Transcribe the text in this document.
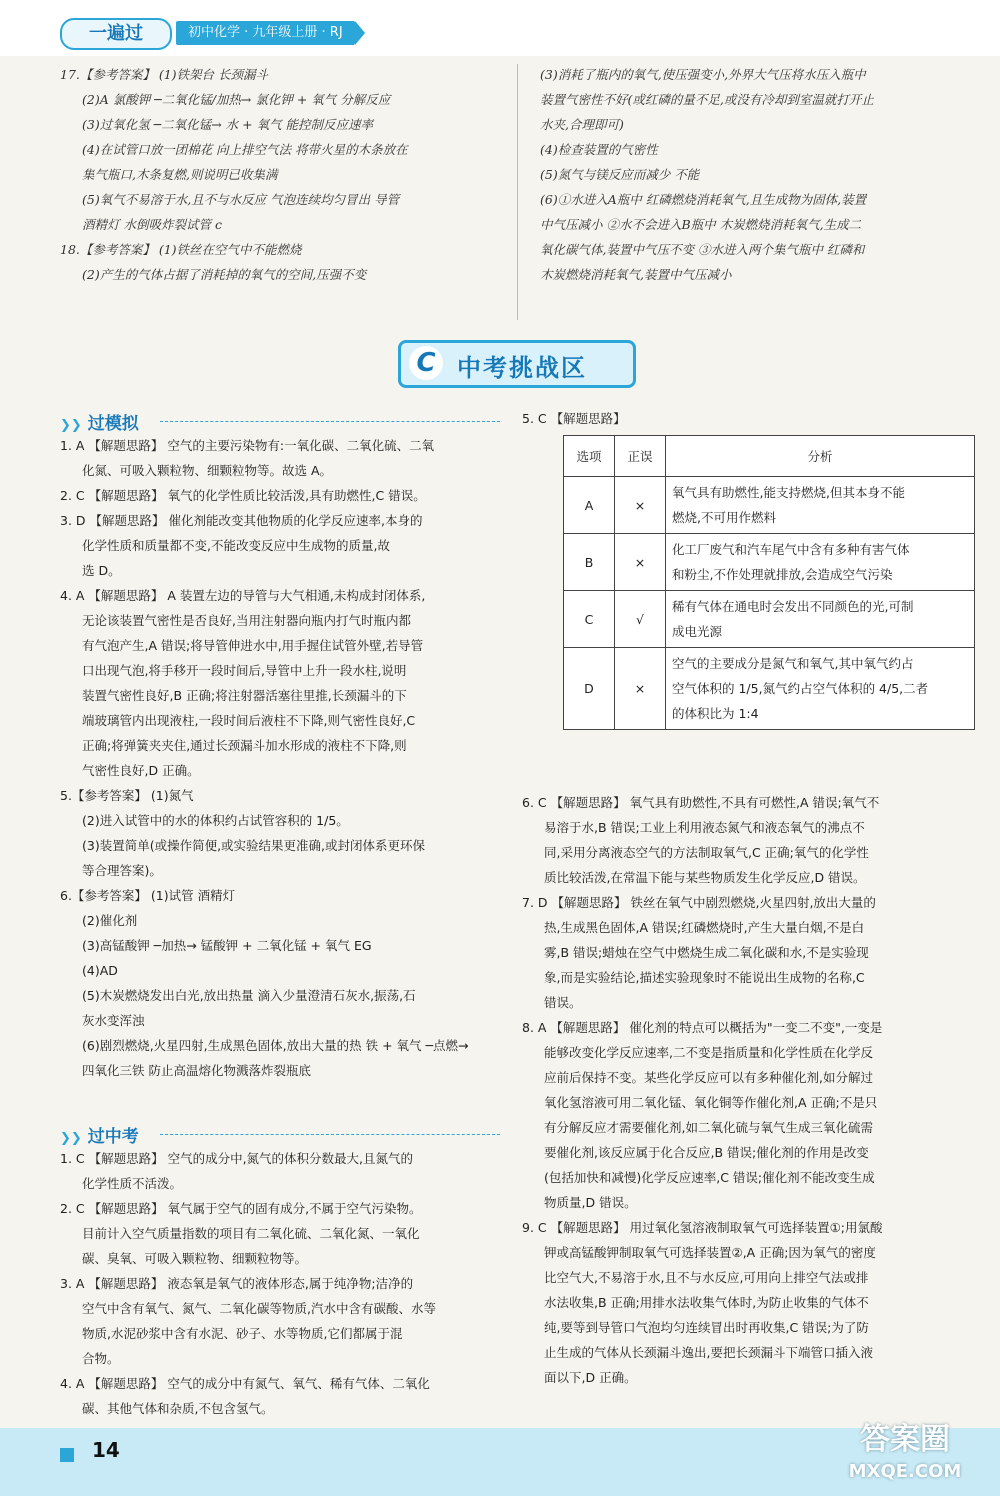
一遍过	初中化学 · 九年级上册 · RJ
17.【参考答案】 (1)铁架台 长颈漏斗
(2)A 氯酸钾 ─二氧化锰/加热→ 氯化钾 + 氧气 分解反应
(3)过氧化氢 ─二氧化锰→ 水 + 氧气 能控制反应速率
(4)在试管口放一团棉花 向上排空气法 将带火星的木条放在
集气瓶口,木条复燃,则说明已收集满
(5)氧气不易溶于水,且不与水反应 气泡连续均匀冒出 导管
酒精灯 水倒吸炸裂试管 c
18.【参考答案】 (1)铁丝在空气中不能燃烧
(2)产生的气体占据了消耗掉的氧气的空间,压强不变
(3)消耗了瓶内的氧气,使压强变小,外界大气压将水压入瓶中
装置气密性不好(或红磷的量不足,或没有冷却到室温就打开止
水夹,合理即可)
(4)检查装置的气密性
(5)氮气与镁反应而减少 不能
(6)①水进入A瓶中 红磷燃烧消耗氧气,且生成物为固体,装置
中气压减小 ②水不会进入B瓶中 木炭燃烧消耗氧气,生成二
氧化碳气体,装置中气压不变 ③水进入两个集气瓶中 红磷和
木炭燃烧消耗氧气,装置中气压减小
C 中考挑战区
❯❯ 过模拟
1. A 【解题思路】 空气的主要污染物有:一氧化碳、二氧化硫、二氧
化氮、可吸入颗粒物、细颗粒物等。故选 A。
2. C 【解题思路】 氧气的化学性质比较活泼,具有助燃性,C 错误。
3. D 【解题思路】 催化剂能改变其他物质的化学反应速率,本身的
化学性质和质量都不变,不能改变反应中生成物的质量,故
选 D。
4. A 【解题思路】 A 装置左边的导管与大气相通,未构成封闭体系,
无论该装置气密性是否良好,当用注射器向瓶内打气时瓶内都
有气泡产生,A 错误;将导管伸进水中,用手握住试管外壁,若导管
口出现气泡,将手移开一段时间后,导管中上升一段水柱,说明
装置气密性良好,B 正确;将注射器活塞往里推,长颈漏斗的下
端玻璃管内出现液柱,一段时间后液柱不下降,则气密性良好,C
正确;将弹簧夹夹住,通过长颈漏斗加水形成的液柱不下降,则
气密性良好,D 正确。
5.【参考答案】 (1)氮气
(2)进入试管中的水的体积约占试管容积的 1/5。
(3)装置简单(或操作简便,或实验结果更准确,或封闭体系更环保
等合理答案)。
6.【参考答案】 (1)试管 酒精灯
(2)催化剂
(3)高锰酸钾 ─加热→ 锰酸钾 + 二氧化锰 + 氧气 EG
(4)AD
(5)木炭燃烧发出白光,放出热量 滴入少量澄清石灰水,振荡,石
灰水变浑浊
(6)剧烈燃烧,火星四射,生成黑色固体,放出大量的热 铁 + 氧气 ─点燃→
四氧化三铁 防止高温熔化物溅落炸裂瓶底
❯❯ 过中考
1. C 【解题思路】 空气的成分中,氮气的体积分数最大,且氮气的
化学性质不活泼。
2. C 【解题思路】 氧气属于空气的固有成分,不属于空气污染物。
目前计入空气质量指数的项目有二氧化硫、二氧化氮、一氧化
碳、臭氧、可吸入颗粒物、细颗粒物等。
3. A 【解题思路】 液态氧是氧气的液体形态,属于纯净物;洁净的
空气中含有氧气、氮气、二氧化碳等物质,汽水中含有碳酸、水等
物质,水泥砂浆中含有水泥、砂子、水等物质,它们都属于混
合物。
4. A 【解题思路】 空气的成分中有氮气、氧气、稀有气体、二氧化
碳、其他气体和杂质,不包含氢气。
5. C 【解题思路】
选项	正误	分析
A	×	氧气具有助燃性,能支持燃烧,但其本身不能
燃烧,不可用作燃料

B	×	化工厂废气和汽车尾气中含有多种有害气体
和粉尘,不作处理就排放,会造成空气污染

C	√	稀有气体在通电时会发出不同颜色的光,可制
成电光源

D	×	空气的主要成分是氮气和氧气,其中氧气约占
空气体积的 1/5,氮气约占空气体积的 4/5,二者
的体积比为 1:4
6. C 【解题思路】 氧气具有助燃性,不具有可燃性,A 错误;氧气不
易溶于水,B 错误;工业上利用液态氮气和液态氧气的沸点不
同,采用分离液态空气的方法制取氧气,C 正确;氧气的化学性
质比较活泼,在常温下能与某些物质发生化学反应,D 错误。
7. D 【解题思路】 铁丝在氧气中剧烈燃烧,火星四射,放出大量的
热,生成黑色固体,A 错误;红磷燃烧时,产生大量白烟,不是白
雾,B 错误;蜡烛在空气中燃烧生成二氧化碳和水,不是实验现
象,而是实验结论,描述实验现象时不能说出生成物的名称,C
错误。
8. A 【解题思路】 催化剂的特点可以概括为"一变二不变",一变是
能够改变化学反应速率,二不变是指质量和化学性质在化学反
应前后保持不变。某些化学反应可以有多种催化剂,如分解过
氧化氢溶液可用二氧化锰、氧化铜等作催化剂,A 正确;不是只
有分解反应才需要催化剂,如二氧化硫与氧气生成三氧化硫需
要催化剂,该反应属于化合反应,B 错误;催化剂的作用是改变
(包括加快和减慢)化学反应速率,C 错误;催化剂不能改变生成
物质量,D 错误。
9. C 【解题思路】 用过氧化氢溶液制取氧气可选择装置①;用氯酸
钾或高锰酸钾制取氧气可选择装置②,A 正确;因为氧气的密度
比空气大,不易溶于水,且不与水反应,可用向上排空气法或排
水法收集,B 正确;用排水法收集气体时,为防止收集的气体不
纯,要等到导管口气泡均匀连续冒出时再收集,C 错误;为了防
止生成的气体从长颈漏斗逸出,要把长颈漏斗下端管口插入液
面以下,D 正确。
14	答案圈
MXQE.COM
